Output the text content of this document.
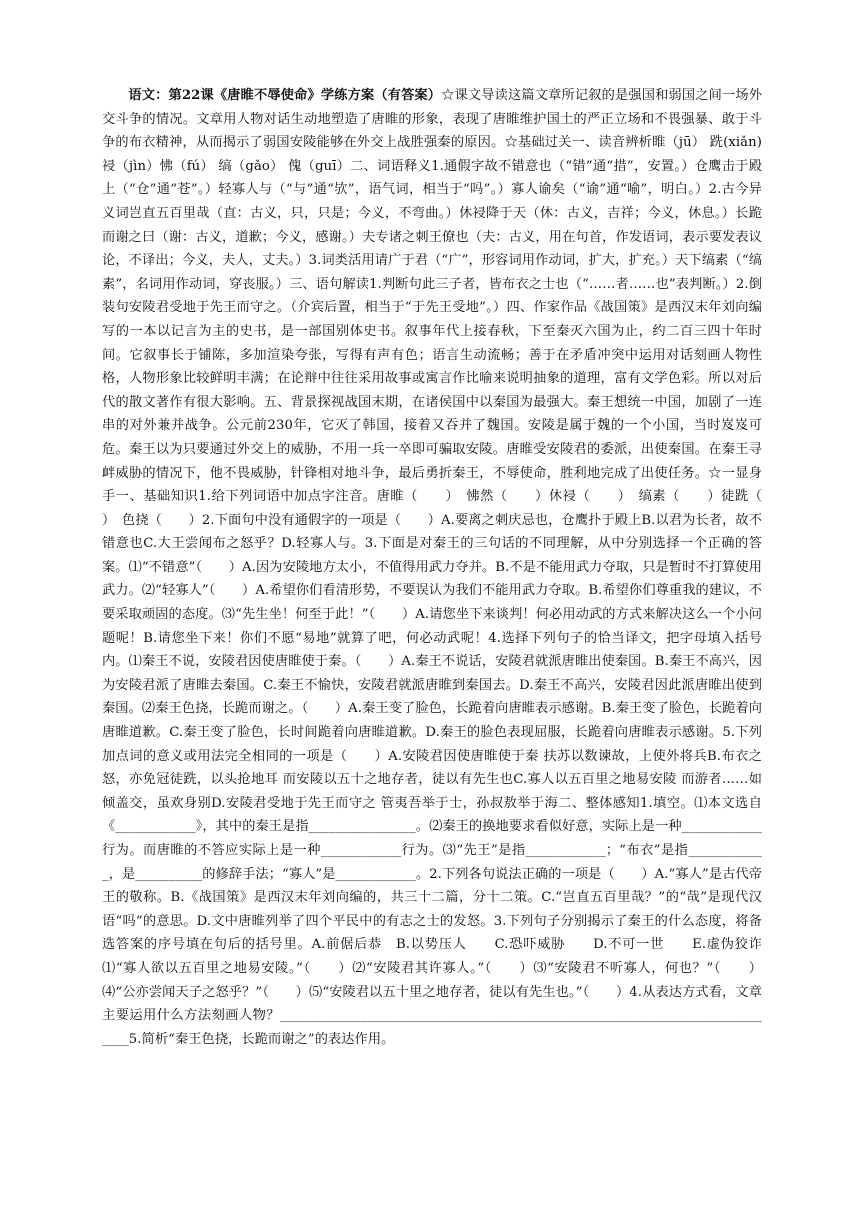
语文：第22课《唐睢不辱使命》学练方案（有答案）☆课文导读这篇文章所记叙的是强国和弱国之间一场外交斗争的情况。文章用人物对话生动地塑造了唐睢的形象，表现了唐睢维护国土的严正立场和不畏强暴、敢于斗争的布衣精神，从而揭示了弱国安陵能够在外交上战胜强秦的原因。☆基础过关一、读音辨析睢（jū） 跣(xiǎn) 祲（jìn）怫（fú） 缟（gǎo） 傀（guī）二、词语释义1.通假字故不错意也（“错”通“措”，安置。）仓鹰击于殿上（“仓”通“苍”。）轻寡人与（“与”通“欤”，语气词，相当于“吗”。）寡人谕矣（“谕”通“喻”，明白。）2.古今异义词岂直五百里哉（直：古义，只，只是；今义，不弯曲。）休祲降于天（休：古义，吉祥；今义，休息。）长跪而谢之曰（谢：古义，道歉；今义，感谢。）夫专诸之刺王僚也（夫：古义，用在句首，作发语词，表示要发表议论，不译出；今义，夫人，丈夫。）3.词类活用请广于君（“广”，形容词用作动词，扩大，扩充。）天下缟素（“缟素”，名词用作动词，穿丧服。）三、语句解读1.判断句此三子者，皆布衣之士也（“……者……也”表判断。）2.倒装句安陵君受地于先王而守之。（介宾后置，相当于“于先王受地”。）四、作家作品《战国策》是西汉末年刘向编写的一本以记言为主的史书，是一部国别体史书。叙事年代上接春秋，下至秦灭六国为止，约二百三四十年时间。它叙事长于铺陈，多加渲染夸张，写得有声有色；语言生动流畅；善于在矛盾冲突中运用对话刻画人物性格，人物形象比较鲜明丰满；在论辩中往往采用故事或寓言作比喻来说明抽象的道理，富有文学色彩。所以对后代的散文著作有很大影响。五、背景探视战国末期，在诸侯国中以秦国为最强大。秦王想统一中国，加剧了一连串的对外兼并战争。公元前230年，它灭了韩国，接着又吞并了魏国。安陵是属于魏的一个小国，当时岌岌可危。秦王以为只要通过外交上的威胁，不用一兵一卒即可骗取安陵。唐睢受安陵君的委派，出使秦国。在秦王寻衅威胁的情况下，他不畏威胁，针锋相对地斗争，最后勇折秦王，不辱使命，胜利地完成了出使任务。☆一显身手一、基础知识1.给下列词语中加点字注音。唐睢（　　）　怫然（　　）休祲（　　）　缟素（　　）徒跣（　　）　色挠（　　）2.下面句中没有通假字的一项是（　　）A.要离之刺庆忌也，仓鹰扑于殿上B.以君为长者，故不错意也C.大王尝闻布之怒乎？D.轻寡人与。3.下面是对秦王的三句话的不同理解，从中分别选择一个正确的答案。⑴“不错意”（　　）A.因为安陵地方太小，不值得用武力夺并。B.不是不能用武力夺取，只是暂时不打算使用武力。⑵“轻寡人”（　　）A.希望你们看清形势，不要误认为我们不能用武力夺取。B.希望你们尊重我的建议，不要采取顽固的态度。⑶“先生坐！何至于此！”（　　）A.请您坐下来谈判！何必用动武的方式来解决这么一个小问题呢！B.请您坐下来！你们不愿“易地”就算了吧，何必动武呢！4.选择下列句子的恰当译文，把字母填入括号内。⑴秦王不说，安陵君因使唐睢使于秦。（　　）A.秦王不说话，安陵君就派唐睢出使秦国。B.秦王不高兴，因为安陵君派了唐睢去秦国。C.秦王不愉快，安陵君就派唐睢到秦国去。D.秦王不高兴，安陵君因此派唐睢出使到秦国。⑵秦王色挠，长跪而谢之。（　　）A.秦王变了脸色，长跪着向唐睢表示感谢。B.秦王变了脸色，长跪着向唐睢道歉。C.秦王变了脸色，长时间跪着向唐睢道歉。D.秦王的脸色表现屈服，长跪着向唐睢表示感谢。5.下列加点词的意义或用法完全相同的一项是（　　）A.安陵君因使唐睢使于秦 扶苏以数谏故，上使外将兵B.布衣之怒，亦免冠徒跣，以头抢地耳 而安陵以五十之地存者，徒以有先生也C.寡人以五百里之地易安陵 而游者……如倾盖交，虽欢身别D.安陵君受地于先王而守之 管夷吾举于士，孙叔敖举于海二、整体感知1.填空。⑴本文选自《____________》，其中的秦王是指________________。⑵秦王的换地要求看似好意，实际上是一种____________行为。而唐睢的不答应实际上是一种____________行为。⑶“先王”是指____________；“布衣”是指____________，是__________的修辞手法；“寡人”是____________。2.下列各句说法正确的一项是（　　）A.“寡人”是古代帝王的敬称。B.《战国策》是西汉末年刘向编的，共三十二篇，分十二策。C.“岂直五百里哉？”的“哉”是现代汉语“吗”的意思。D.文中唐睢列举了四个平民中的有志之士的发怒。3.下列句子分别揭示了秦王的什么态度，将备选答案的序号填在句后的括号里。A.前倨后恭　B.以势压人　　C.恐吓威胁　　D.不可一世　　E.虚伪狡诈⑴“寡人欲以五百里之地易安陵。”（　　）⑵“安陵君其许寡人。”（　　）⑶“安陵君不听寡人，何也？”（　　）⑷“公亦尝闻天子之怒乎？”（　　）⑸“安陵君以五十里之地存者，徒以有先生也。”（　　）4.从表达方式看，文章主要运用什么方法刻画人物？____________________________________________________________________________5.简析“秦王色挠，长跪而谢之”的表达作用。
